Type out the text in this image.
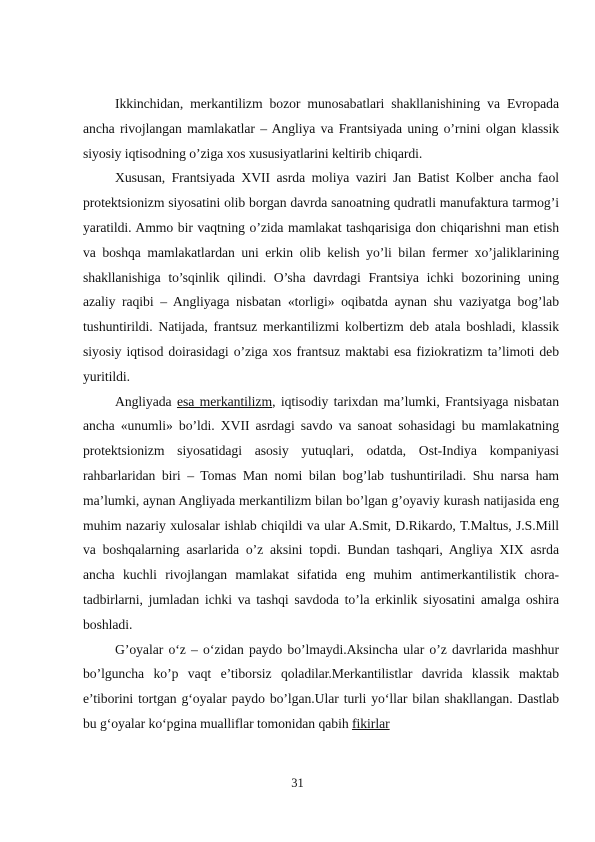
Ikkinchidan, merkantilizm bozor munosabatlari shakllanishining va Evropada ancha rivojlangan mamlakatlar – Angliya va Frantsiyada uning o’rnini olgan klassik siyosiy iqtisodning o’ziga xos xususiyatlarini keltirib chiqardi.

Xususan, Frantsiyada XVII asrda moliya vaziri Jan Batist Kolber ancha faol protektsionizm siyosatini olib borgan davrda sanoatning qudratli manufaktura tarmog’i yaratildi. Ammo bir vaqtning o’zida mamlakat tashqarisiga don chiqarishni man etish va boshqa mamlakatlardan uni erkin olib kelish yo’li bilan fermer xo’jaliklarining shakllanishiga to’sqinlik qilindi. O’sha davrdagi Frantsiya ichki bozorining uning azaliy raqibi – Angliyaga nisbatan «torligi» oqibatda aynan shu vaziyatga bog’lab tushuntirildi. Natijada, frantsuz merkantilizmi kolbertizm deb atala boshladi, klassik siyosiy iqtisod doirasidagi o’ziga xos frantsuz maktabi esa fiziokratizm ta’limoti deb yuritildi.

Angliyada esa merkantilizm, iqtisodiy tarixdan ma’lumki, Frantsiyaga nisbatan ancha «unumli» bo’ldi. XVII asrdagi savdo va sanoat sohasidagi bu mamlakatning protektsionizm siyosatidagi asosiy yutuqlari, odatda, Ost-Indiya kompaniyasi rahbarlaridan biri – Tomas Man nomi bilan bog’lab tushuntiriladi. Shu narsa ham ma’lumki, aynan Angliyada merkantilizm bilan bo’lgan g’oyaviy kurash natijasida eng muhim nazariy xulosalar ishlab chiqildi va ular A.Smit, D.Rikardo, T.Maltus, J.S.Mill va boshqalarning asarlarida o’z aksini topdi. Bundan tashqari, Angliya XIX asrda ancha kuchli rivojlangan mamlakat sifatida eng muhim antimerkantilistik chora-tadbirlarni, jumladan ichki va tashqi savdoda to’la erkinlik siyosatini amalga oshira boshladi.

G’oyalar o‘z – o‘zidan paydo bo’lmaydi.Aksincha ular o’z davrlarida mashhur bo’lguncha ko’p vaqt e’tiborsiz qoladilar.Merkantilistlar davrida klassik maktab e’tiborini tortgan g‘oyalar paydo bo’lgan.Ular turli yo‘llar bilan shakllangan. Dastlab bu g‘oyalar ko‘pgina mualliflar tomonidan qabih fikirlar

31
